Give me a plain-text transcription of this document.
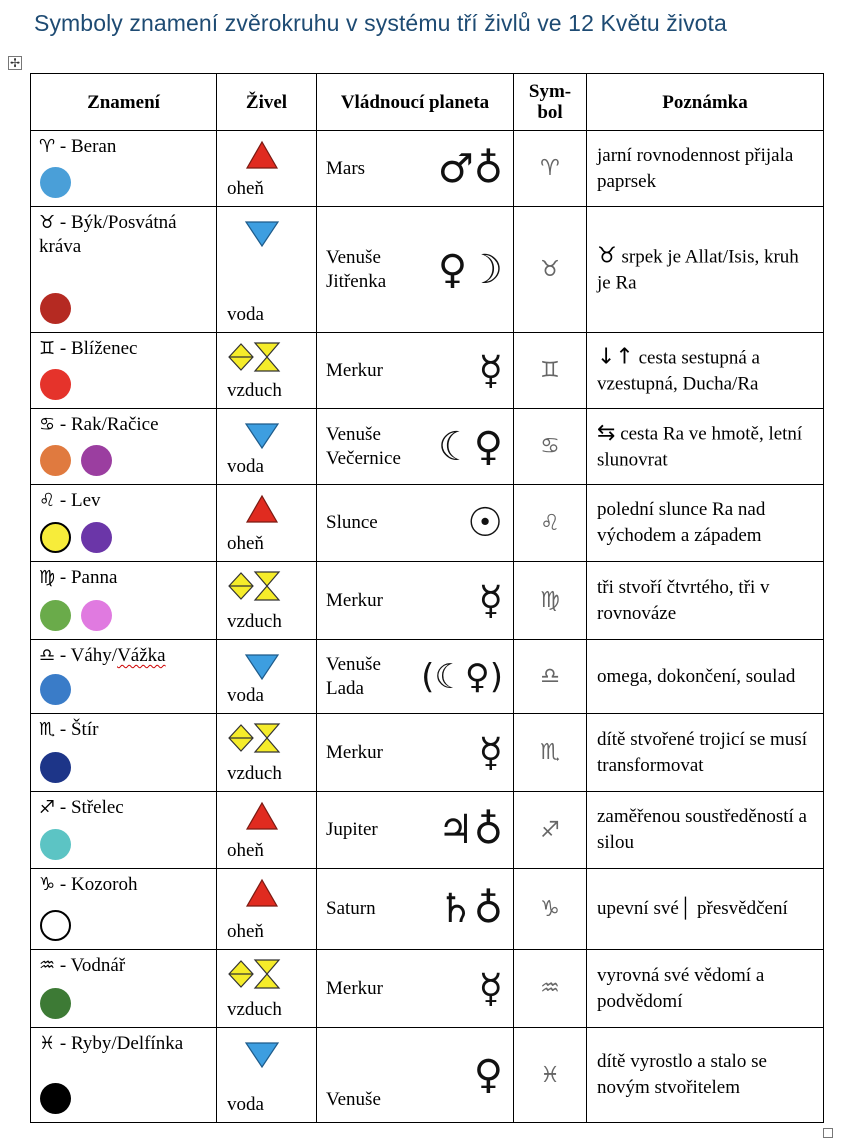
Symboly znamení zvěrokruhu v systému tří živlů ve 12 Květu života
✢
Znamení	Živel	Vládnoucí planeta	Sym-
bol	Poznámka

♈ - Beran	oheň	Mars ♂♁	♈	jarní rovnodennost přijala paprsek

♉ - Býk/Posvátná kráva	voda	Venuše
Jitřenka ♀☽	♉	♉ srpek je Allat/Isis, kruh je Ra

♊ - Blíženec	vzduch	Merkur ☿	♊	↓↑ cesta sestupná a vzestupná, Ducha/Ra

♋ - Rak/Račice	voda	Venuše
Večernice ☾♀	♋	⇆ cesta Ra ve hmotě, letní slunovrat

♌ - Lev	oheň	Slunce ☉	♌	polední slunce Ra nad východem a západem

♍ - Panna	vzduch	Merkur ☿	♍	tři stvoří čtvrtého, tři v rovnováze

♎ - Váhy/Vážka	voda	Venuše
Lada (☾♀)	♎	omega, dokončení, soulad

♏ - Štír	vzduch	Merkur ☿	♏	dítě stvořené trojicí se musí transformovat

♐ - Střelec	oheň	Jupiter ♃♁	♐	zaměřenou soustředěností a silou

♑ - Kozoroh	oheň	Saturn ♄♁	♑	upevní své│ přesvědčení

♒ - Vodnář	vzduch	Merkur ☿	♒	vyrovná své vědomí a podvědomí

♓ - Ryby/Delfínka	voda	Venuše
♀	♓	dítě vyrostlo a stalo se novým stvořitelem
